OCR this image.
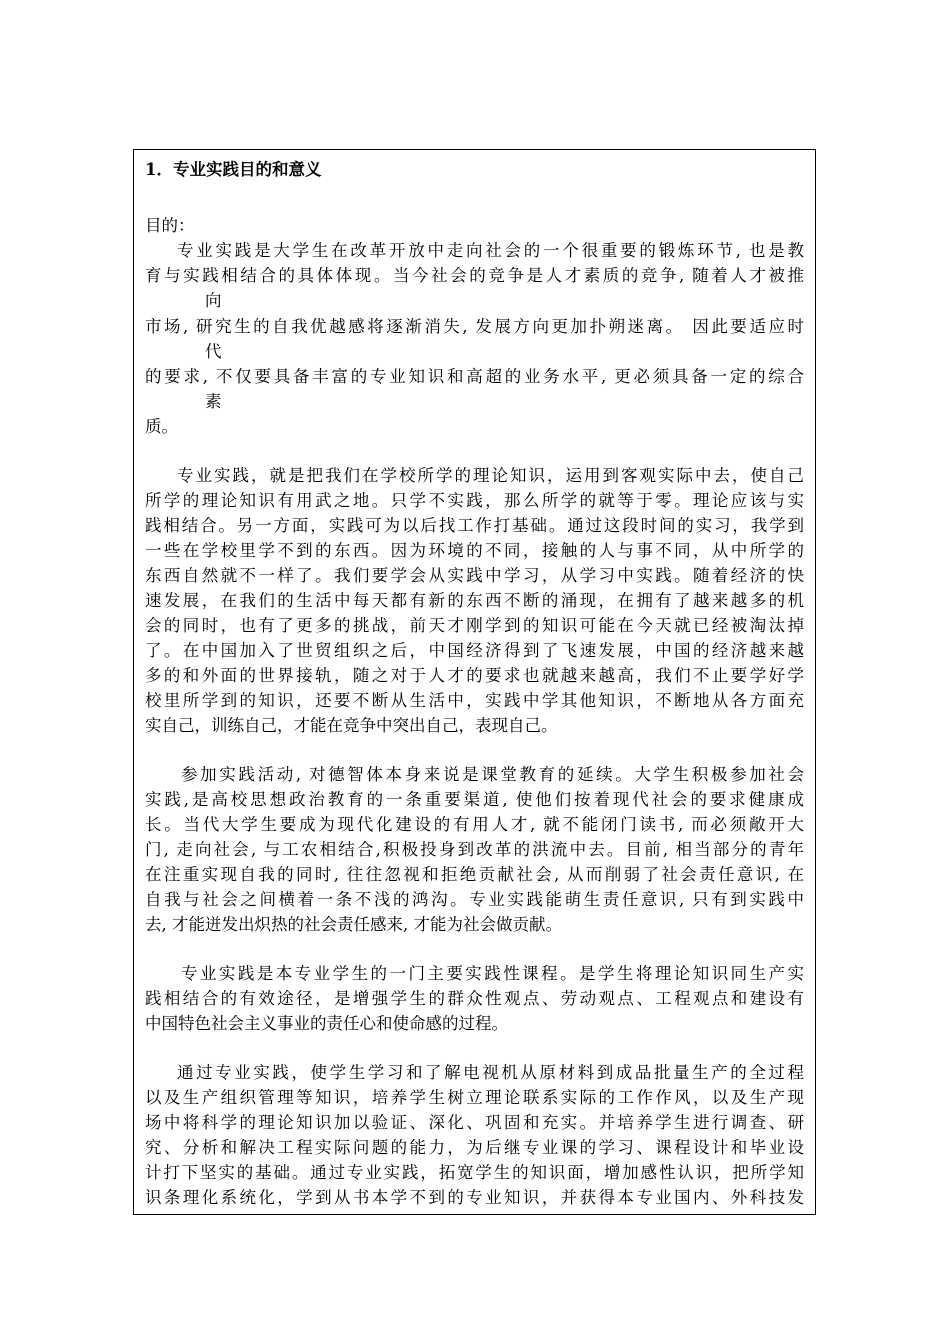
1．专业实践目的和意义
目的：
专业实践是大学生在改革开放中走向社会的一个很重要的锻炼环节, 也是教
育与实践相结合的具体体现。当今社会的竞争是人才素质的竞争, 随着人才被推
向
市场, 研究生的自我优越感将逐渐消失, 发展方向更加扑朔迷离。 因此要适应时
代
的要求, 不仅要具备丰富的专业知识和高超的业务水平, 更必须具备一定的综合
素
质。
专业实践，就是把我们在学校所学的理论知识，运用到客观实际中去，使自己
所学的理论知识有用武之地。只学不实践，那么所学的就等于零。理论应该与实
践相结合。另一方面，实践可为以后找工作打基础。通过这段时间的实习，我学到
一些在学校里学不到的东西。因为环境的不同，接触的人与事不同，从中所学的
东西自然就不一样了。我们要学会从实践中学习，从学习中实践。随着经济的快
速发展，在我们的生活中每天都有新的东西不断的涌现，在拥有了越来越多的机
会的同时，也有了更多的挑战，前天才刚学到的知识可能在今天就已经被淘汰掉
了。在中国加入了世贸组织之后，中国经济得到了飞速发展，中国的经济越来越
多的和外面的世界接轨，随之对于人才的要求也就越来越高，我们不止要学好学
校里所学到的知识，还要不断从生活中，实践中学其他知识，不断地从各方面充
实自己，训练自己，才能在竞争中突出自己，表现自己。
参加实践活动, 对德智体本身来说是课堂教育的延续。大学生积极参加社会
实践,是高校思想政治教育的一条重要渠道, 使他们按着现代社会的要求健康成
长。当代大学生要成为现代化建设的有用人才, 就不能闭门读书, 而必须敞开大
门, 走向社会, 与工农相结合,积极投身到改革的洪流中去。目前, 相当部分的青年
在注重实现自我的同时, 往往忽视和拒绝贡献社会, 从而削弱了社会责任意识, 在
自我与社会之间横着一条不浅的鸿沟。专业实践能萌生责任意识, 只有到实践中
去, 才能迸发出炽热的社会责任感来, 才能为社会做贡献。
专业实践是本专业学生的一门主要实践性课程。是学生将理论知识同生产实
践相结合的有效途径，是增强学生的群众性观点、劳动观点、工程观点和建设有
中国特色社会主义事业的责任心和使命感的过程。
通过专业实践，使学生学习和了解电视机从原材料到成品批量生产的全过程
以及生产组织管理等知识，培养学生树立理论联系实际的工作作风，以及生产现
场中将科学的理论知识加以验证、深化、巩固和充实。并培养学生进行调查、研
究、分析和解决工程实际问题的能力，为后继专业课的学习、课程设计和毕业设
计打下坚实的基础。通过专业实践，拓宽学生的知识面，增加感性认识，把所学知
识条理化系统化，学到从书本学不到的专业知识，并获得本专业国内、外科技发
